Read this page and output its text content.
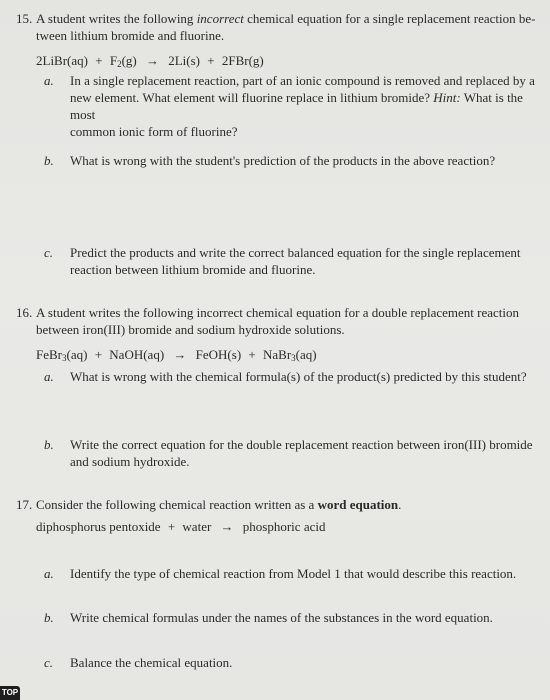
15. A student writes the following incorrect chemical equation for a single replacement reaction be-
tween lithium bromide and fluorine.
2LiBr(aq) + $F_2(g) \to 2Li(s) + 2FBr(g)$
a. In a single replacement reaction, part of an ionic compound is removed and replaced by a
new element. What element will fluorine replace in lithium bromide? Hint: What is the most
common ionic form of fluorine?
b. What is wrong with the student's prediction of the products in the above reaction?
c. Predict the products and write the correct balanced equation for the single replacement
reaction between lithium bromide and fluorine.
16. A student writes the following incorrect chemical equation for a double replacement reaction
between iron(III) bromide and sodium hydroxide solutions.
FeBr$_3$(aq) + NaOH(aq) → FeOH(s) + NaBr$_3$(aq)
a. What is wrong with the chemical formula(s) of the product(s) predicted by this student?
b. Write the correct equation for the double replacement reaction between iron(III) bromide
and sodium hydroxide.
17. Consider the following chemical reaction written as a word equation.
diphosphorus pentoxide + water → phosphoric acid
a. Identify the type of chemical reaction from Model 1 that would describe this reaction.
b. Write chemical formulas under the names of the substances in the word equation.
c. Balance the chemical equation.
TOP
